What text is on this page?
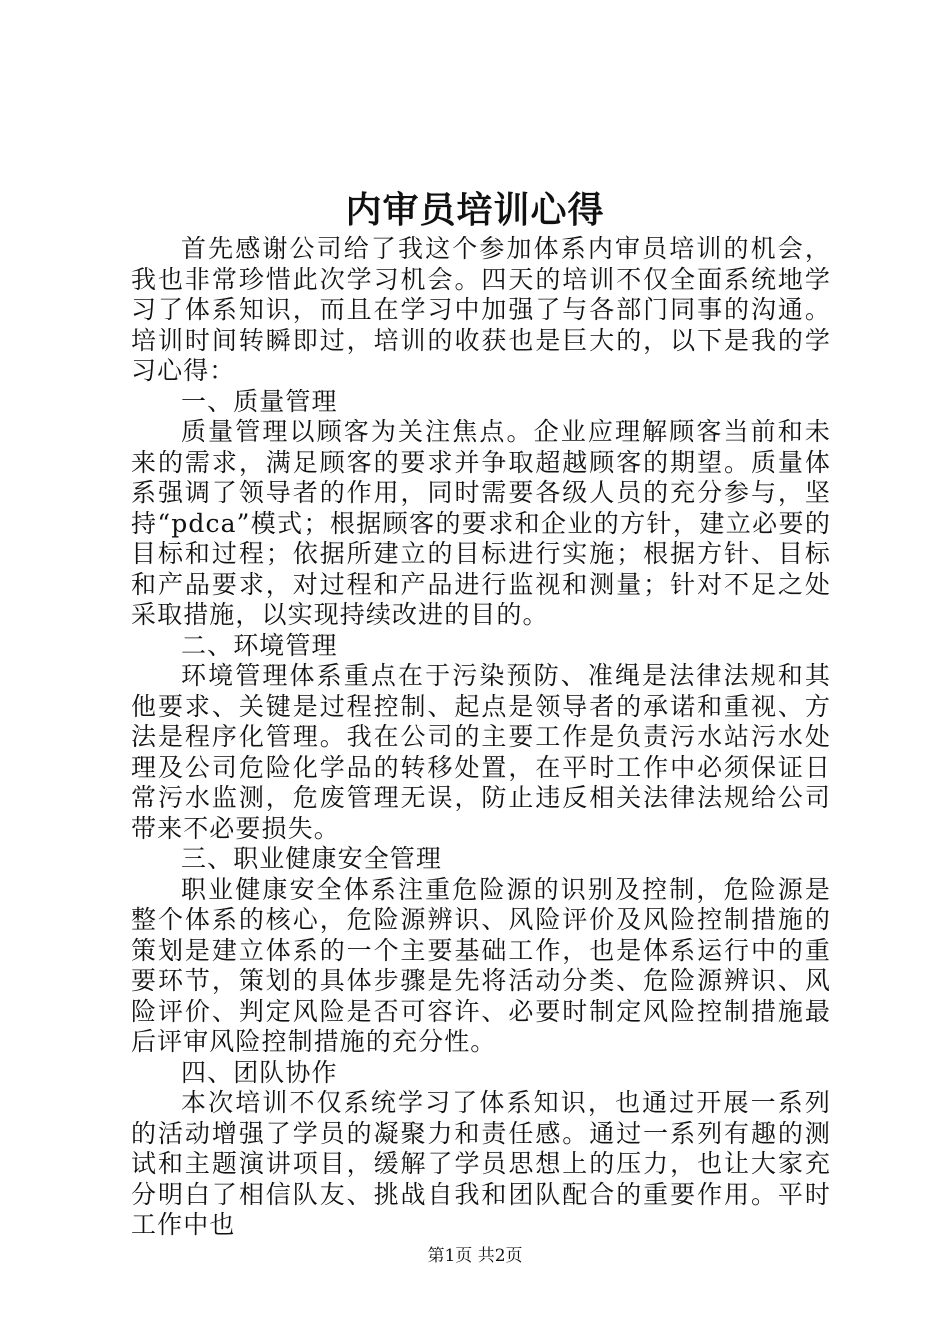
内审员培训心得

首先感谢公司给了我这个参加体系内审员培训的机会，我也非常珍惜此次学习机会。四天的培训不仅全面系统地学习了体系知识，而且在学习中加强了与各部门同事的沟通。培训时间转瞬即过，培训的收获也是巨大的，以下是我的学习心得：

一、质量管理

质量管理以顾客为关注焦点。企业应理解顾客当前和未来的需求，满足顾客的要求并争取超越顾客的期望。质量体系强调了领导者的作用，同时需要各级人员的充分参与，坚持“pdca”模式；根据顾客的要求和企业的方针，建立必要的目标和过程；依据所建立的目标进行实施；根据方针、目标和产品要求，对过程和产品进行监视和测量；针对不足之处采取措施，以实现持续改进的目的。

二、环境管理

环境管理体系重点在于污染预防、准绳是法律法规和其他要求、关键是过程控制、起点是领导者的承诺和重视、方法是程序化管理。我在公司的主要工作是负责污水站污水处理及公司危险化学品的转移处置，在平时工作中必须保证日常污水监测，危废管理无误，防止违反相关法律法规给公司带来不必要损失。

三、职业健康安全管理

职业健康安全体系注重危险源的识别及控制，危险源是整个体系的核心，危险源辨识、风险评价及风险控制措施的策划是建立体系的一个主要基础工作，也是体系运行中的重要环节，策划的具体步骤是先将活动分类、危险源辨识、风险评价、判定风险是否可容许、必要时制定风险控制措施最后评审风险控制措施的充分性。

四、团队协作

本次培训不仅系统学习了体系知识，也通过开展一系列的活动增强了学员的凝聚力和责任感。通过一系列有趣的测试和主题演讲项目，缓解了学员思想上的压力，也让大家充分明白了相信队友、挑战自我和团队配合的重要作用。平时工作中也

第1页 共2页
